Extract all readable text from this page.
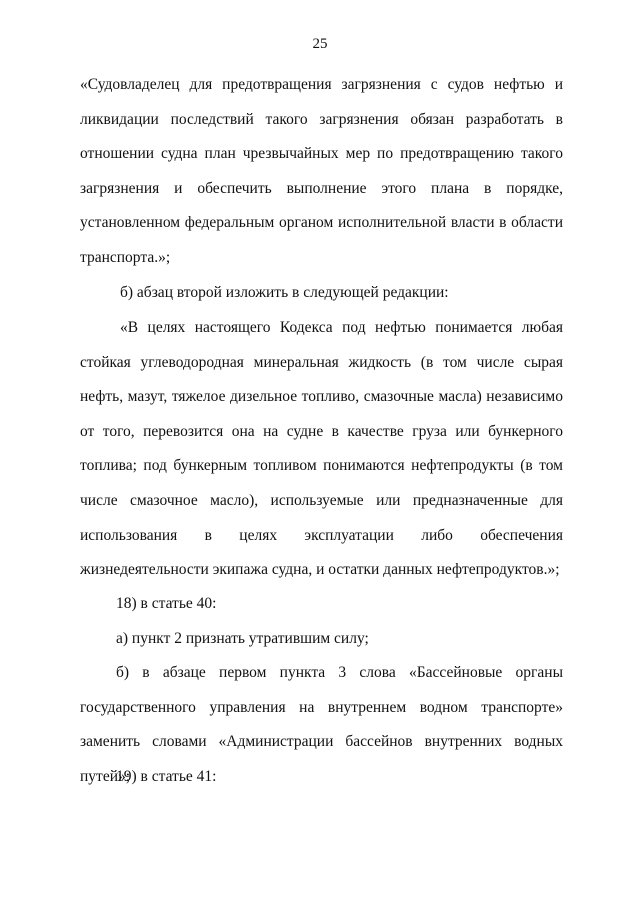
25

«Судовладелец для предотвращения загрязнения с судов нефтью и ликвидации последствий такого загрязнения обязан разработать в отношении судна план чрезвычайных мер по предотвращению такого загрязнения и обеспечить выполнение этого плана в порядке, установленном федеральным органом исполнительной власти в области транспорта.»;

б) абзац второй изложить в следующей редакции:

«В целях настоящего Кодекса под нефтью понимается любая стойкая углеводородная минеральная жидкость (в том числе сырая нефть, мазут, тяжелое дизельное топливо, смазочные масла) независимо от того, перевозится она на судне в качестве груза или бункерного топлива; под бункерным топливом понимаются нефтепродукты (в том числе смазочное масло), используемые или предназначенные для использования в целях эксплуатации либо обеспечения жизнедеятельности экипажа судна, и остатки данных нефтепродуктов.»;

18) в статье 40:

а) пункт 2 признать утратившим силу;

б) в абзаце первом пункта 3 слова «Бассейновые органы государственного управления на внутреннем водном транспорте» заменить словами «Администрации бассейнов внутренних водных путей»;

19) в статье 41:
